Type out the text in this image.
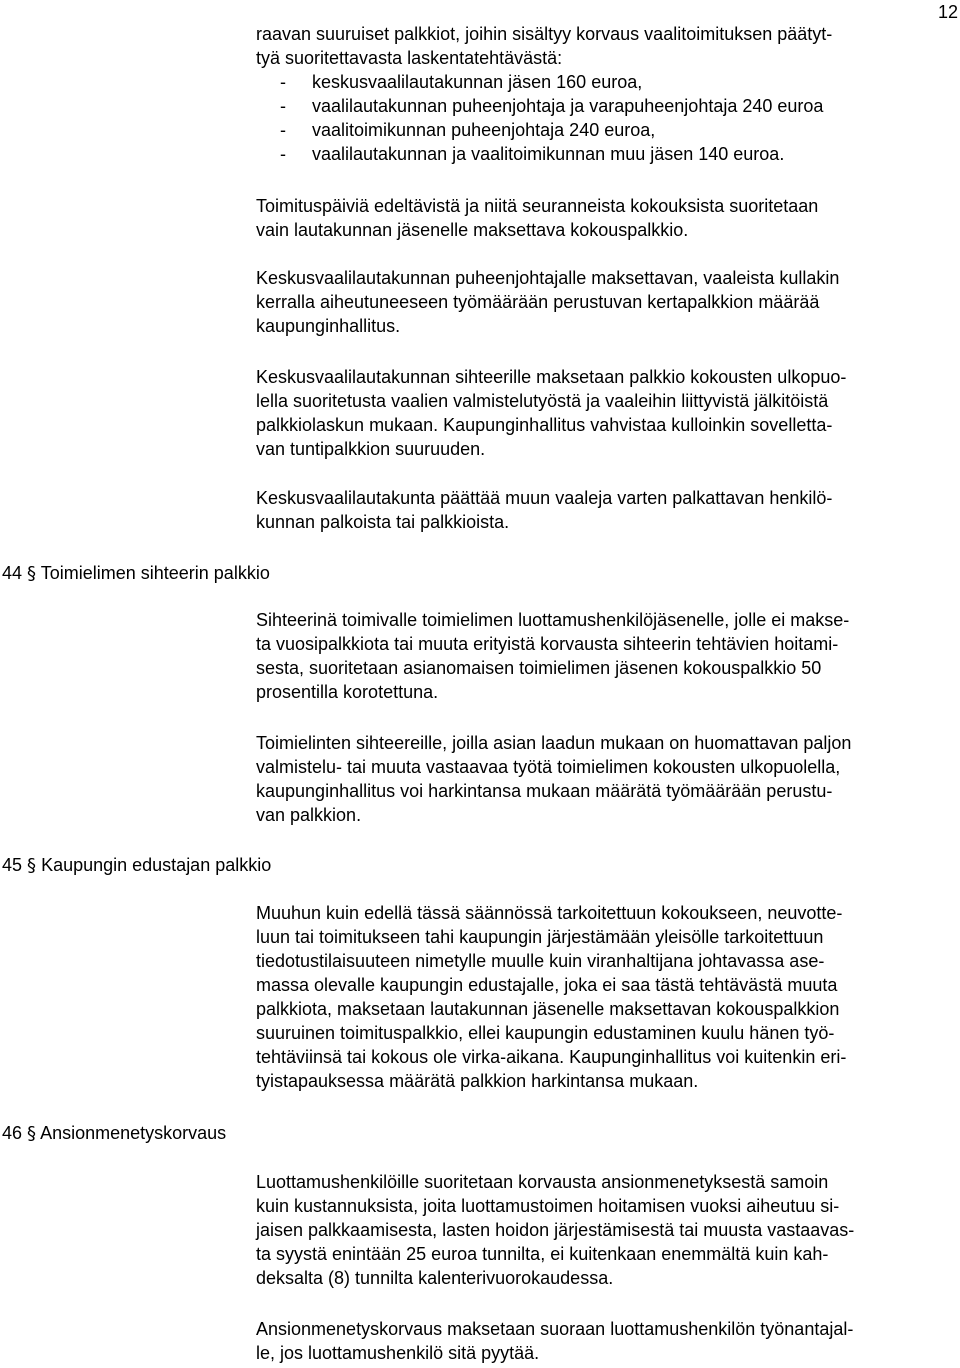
12
raavan suuruiset palkkiot, joihin sisältyy korvaus vaalitoimituksen päätyt-
tyä suoritettavasta laskentatehtävästä:
- keskusvaalilautakunnan jäsen 160 euroa,
- vaalilautakunnan puheenjohtaja ja varapuheenjohtaja 240 euroa
- vaalitoimikunnan puheenjohtaja 240 euroa,
- vaalilautakunnan ja vaalitoimikunnan muu jäsen 140 euroa.
Toimituspäiviä edeltävistä ja niitä seuranneista kokouksista suoritetaan
vain lautakunnan jäsenelle maksettava kokouspalkkio.
Keskusvaalilautakunnan puheenjohtajalle maksettavan, vaaleista kullakin
kerralla aiheutuneeseen työmäärään perustuvan kertapalkkion määrää
kaupunginhallitus.
Keskusvaalilautakunnan sihteerille maksetaan palkkio kokousten ulkopuo-
lella suoritetusta vaalien valmistelutyöstä ja vaaleihin liittyvistä jälkitöistä
palkkiolaskun mukaan. Kaupunginhallitus vahvistaa kulloinkin sovelletta-
van tuntipalkkion suuruuden.
Keskusvaalilautakunta päättää muun vaaleja varten palkattavan henkilö-
kunnan palkoista tai palkkioista.
44 § Toimielimen sihteerin palkkio
Sihteerinä toimivalle toimielimen luottamushenkilöjäsenelle, jolle ei makse-
ta vuosipalkkiota tai muuta erityistä korvausta sihteerin tehtävien hoitami-
sesta, suoritetaan asianomaisen toimielimen jäsenen kokouspalkkio 50
prosentilla korotettuna.
Toimielinten sihteereille, joilla asian laadun mukaan on huomattavan paljon
valmistelu- tai muuta vastaavaa työtä toimielimen kokousten ulkopuolella,
kaupunginhallitus voi harkintansa mukaan määrätä työmäärään perustu-
van palkkion.
45 § Kaupungin edustajan palkkio
Muuhun kuin edellä tässä säännössä tarkoitettuun kokoukseen, neuvotte-
luun tai toimitukseen tahi kaupungin järjestämään yleisölle tarkoitettuun
tiedotustilaisuuteen nimetylle muulle kuin viranhaltijana johtavassa ase-
massa olevalle kaupungin edustajalle, joka ei saa tästä tehtävästä muuta
palkkiota, maksetaan lautakunnan jäsenelle maksettavan kokouspalkkion
suuruinen toimituspalkkio, ellei kaupungin edustaminen kuulu hänen työ-
tehtäviinsä tai kokous ole virka-aikana. Kaupunginhallitus voi kuitenkin eri-
tyistapauksessa määrätä palkkion harkintansa mukaan.
46 § Ansionmenetyskorvaus
Luottamushenkilöille suoritetaan korvausta ansionmenetyksestä samoin
kuin kustannuksista, joita luottamustoimen hoitamisen vuoksi aiheutuu si-
jaisen palkkaamisesta, lasten hoidon järjestämisestä tai muusta vastaavas-
ta syystä enintään 25 euroa tunnilta, ei kuitenkaan enemmältä kuin kah-
deksalta (8) tunnilta kalenterivuorokaudessa.
Ansionmenetyskorvaus maksetaan suoraan luottamushenkilön työnantajal-
le, jos luottamushenkilö sitä pyytää.
